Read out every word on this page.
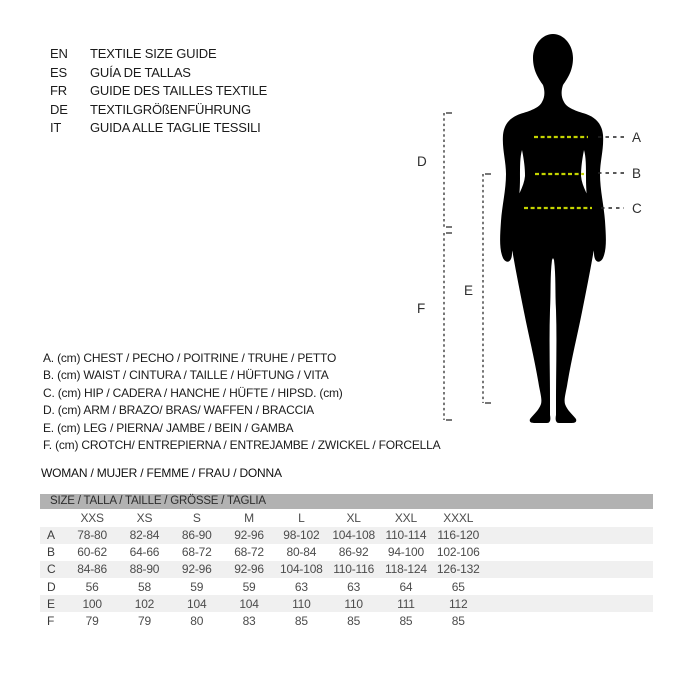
A
B
C
D
E
F
EN	TEXTILE SIZE GUIDE
ES	GUÍA DE TALLAS
FR	GUIDE DES TAILLES TEXTILE
DE	TEXTILGRÖßENFÜHRUNG
IT	GUIDA ALLE TAGLIE TESSILI
A. (cm) CHEST / PECHO / POITRINE / TRUHE / PETTO
B. (cm) WAIST / CINTURA / TAILLE / HÜFTUNG / VITA
C. (cm) HIP / CADERA / HANCHE / HÜFTE / HIPSD. (cm)
D. (cm) ARM / BRAZO/ BRAS/ WAFFEN / BRACCIA
E. (cm) LEG / PIERNA/ JAMBE / BEIN / GAMBA
F. (cm) CROTCH/ ENTREPIERNA / ENTREJAMBE / ZWICKEL / FORCELLA
WOMAN / MUJER / FEMME / FRAU / DONNA
SIZE / TALLA / TAILLE / GRÖSSE / TAGLIA
XXS	XS	S	M	L	XL	XXL	XXXL
A	78-80	82-84	86-90	92-96	98-102	104-108 110-114 116-120
B	60-62	64-66	68-72	68-72	80-84	86-92	94-100	102-106
C	84-86	88-90	92-96	92-96	104-108 110-116 118-124 126-132
D	56	58	59	59	63	63	64	65
E	100	102	104	104	110	110	111	112
F	79	79	80	83	85	85	85	85
